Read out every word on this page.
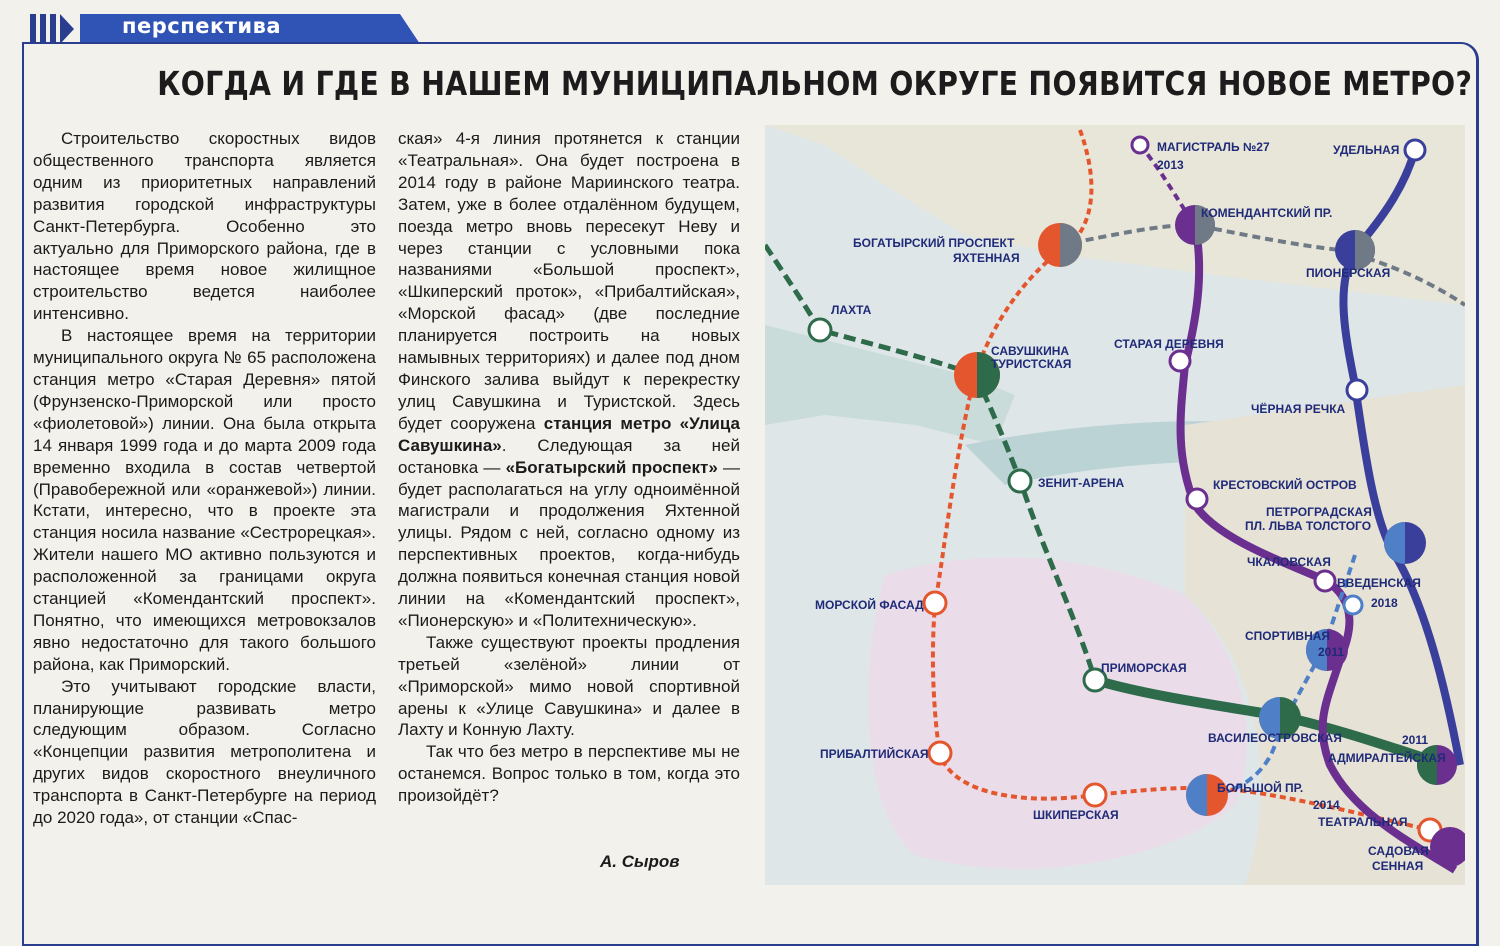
перспектива
КОГДА И ГДЕ В НАШЕМ МУНИЦИПАЛЬНОМ ОКРУГЕ ПОЯВИТСЯ НОВОЕ МЕТРО?

Строительство скоростных видов общественного транспорта является одним из приоритетных направлений развития городской инфраструктуры Санкт-Петербурга. Особенно это актуально для Приморского района, где в настоящее время новое жилищное строительство ведется наиболее интенсивно.

В настоящее время на территории муниципального округа № 65 расположена станция метро «Старая Деревня» пятой (Фрунзенско-Приморской или просто «фиолетовой») линии. Она была открыта 14 января 1999 года и до марта 2009 года временно входила в состав четвертой (Правобережной или «оранжевой») линии. Кстати, интересно, что в проекте эта станция носила название «Сестрорецкая». Жители нашего МО активно пользуются и расположенной за границами округа станцией «Комендантский проспект». Понятно, что имеющихся метровокзалов явно недостаточно для такого большого района, как Приморский.

Это учитывают городские власти, планирующие развивать метро следующим образом. Согласно «Концепции развития метрополитена и других видов скоростного внеуличного транспорта в Санкт-Петербурге на период до 2020 года», от станции «Спас-

ская» 4-я линия протянется к станции «Театральная». Она будет построена в 2014 году в районе Мариинского театра. Затем, уже в более отдалённом будущем, поезда метро вновь пересекут Неву и через станции с условными пока названиями «Большой проспект», «Шкиперский проток», «Прибалтийская», «Морской фасад» (две последние планируется построить на новых намывных территориях) и далее под дном Финского залива выйдут к перекрестку улиц Савушкина и Туристской. Здесь будет сооружена станция метро «Улица Савушкина». Следующая за ней остановка — «Богатырский проспект» — будет располагаться на углу одноимённой магистрали и продолжения Яхтенной улицы. Рядом с ней, согласно одному из перспективных проектов, когда-нибудь должна появиться конечная станция новой линии на «Комендантский проспект», «Пионерскую» и «Политехническую».

Также существуют проекты продления третьей «зелёной» линии от «Приморской» мимо новой спортивной арены к «Улице Савушкина» и далее в Лахту и Конную Лахту.

Так что без метро в перспективе мы не останемся. Вопрос только в том, когда это произойдёт?

А. Сыров
МАГИСТРАЛЬ №27
2013
УДЕЛЬНАЯ
КОМЕНДАНТСКИЙ ПР.
БОГАТЫРСКИЙ ПРОСПЕКТ
ЯХТЕННАЯ
ПИОНЕРСКАЯ
ЛАХТА
САВУШКИНА
ТУРИСТСКАЯ
СТАРАЯ ДЕРЕВНЯ
ЧЁРНАЯ РЕЧКА
ЗЕНИТ-АРЕНА	КРЕСТОВСКИЙ ОСТРОВ
ПЕТРОГРАДСКАЯ
ПЛ. ЛЬВА ТОЛСТОГО
ЧКАЛОВСКАЯ
ВВЕДЕНСКАЯ
2018
МОРСКОЙ ФАСАД
СПОРТИВНАЯ
2011
ПРИМОРСКАЯ
ВАСИЛЕОСТРОВСКАЯ	2011
АДМИРАЛТЕЙСКАЯ
ПРИБАЛТИЙСКАЯ
БОЛЬШОЙ ПР.
2014
ШКИПЕРСКАЯ	ТЕАТРАЛЬНАЯ
САДОВАЯ
СЕННАЯ
